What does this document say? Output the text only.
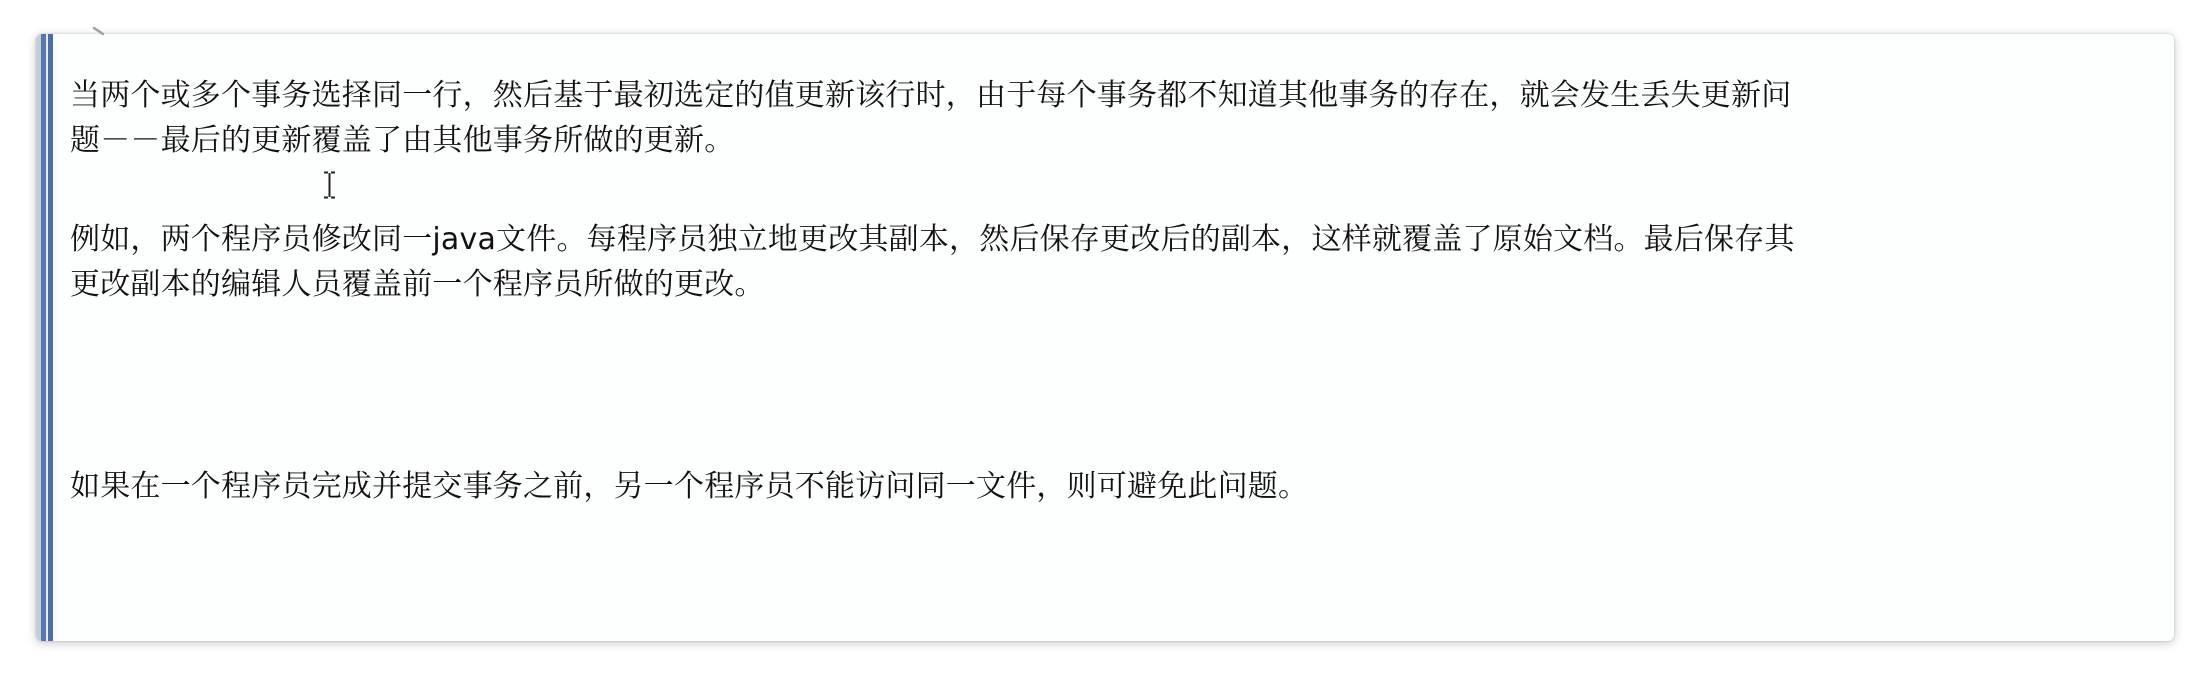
当两个或多个事务选择同一行，然后基于最初选定的值更新该行时，由于每个事务都不知道其他事务的存在，就会发生丢失更新问
题－－最后的更新覆盖了由其他事务所做的更新。

例如，两个程序员修改同一java文件。每程序员独立地更改其副本，然后保存更改后的副本，这样就覆盖了原始文档。最后保存其
更改副本的编辑人员覆盖前一个程序员所做的更改。

如果在一个程序员完成并提交事务之前，另一个程序员不能访问同一文件，则可避免此问题。
